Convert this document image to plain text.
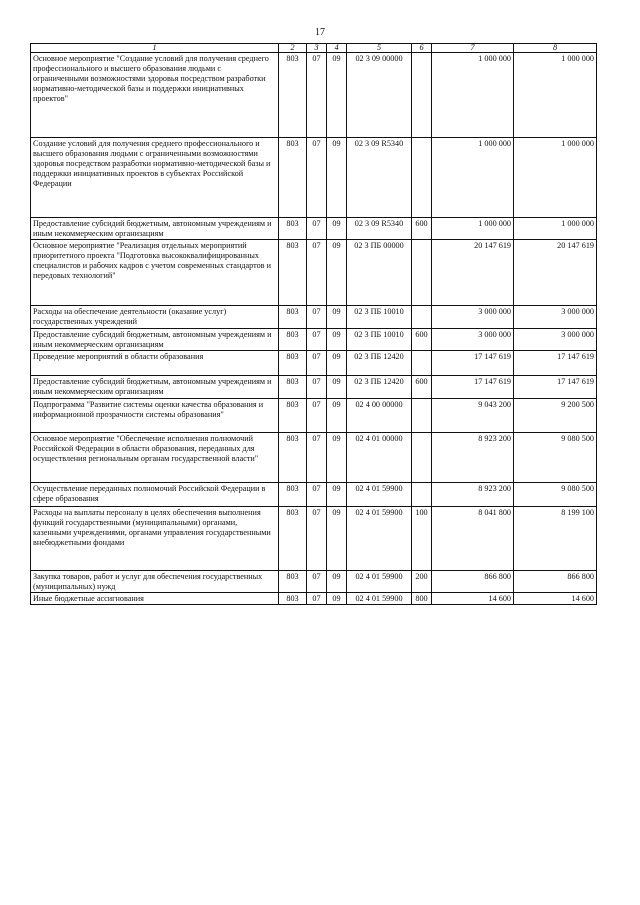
17
1	2	3	4	5	6	7	8
Основное мероприятие "Создание условий для получения среднего профессионального и высшего образования людьми с ограниченными возможностями здоровья посредством разработки нормативно-методической базы и поддержки инициативных проектов"	803	07	09	02 3 09 00000		1 000 000	1 000 000
Создание условий для получения среднего профессионального и высшего образования людьми с ограниченными возможностями здоровья посредством разработки нормативно-методической базы и поддержки инициативных проектов в субъектах Российской Федерации	803	07	09	02 3 09 R5340		1 000 000	1 000 000
Предоставление субсидий бюджетным, автономным учреждениям и иным некоммерческим организациям	803	07	09	02 3 09 R5340	600	1 000 000	1 000 000
Основное мероприятие "Реализация отдельных мероприятий приоритетного проекта "Подготовка высококвалифицированных специалистов и рабочих кадров с учетом современных стандартов и передовых технологий"	803	07	09	02 3 ПБ 00000		20 147 619	20 147 619
Расходы на обеспечение деятельности (оказание услуг) государственных учреждений	803	07	09	02 3 ПБ 10010		3 000 000	3 000 000
Предоставление субсидий бюджетным, автономным учреждениям и иным некоммерческим организациям	803	07	09	02 3 ПБ 10010	600	3 000 000	3 000 000
Проведение мероприятий в области образования	803	07	09	02 3 ПБ 12420		17 147 619	17 147 619
Предоставление субсидий бюджетным, автономным учреждениям и иным некоммерческим организациям	803	07	09	02 3 ПБ 12420	600	17 147 619	17 147 619
Подпрограмма "Развитие системы оценки качества образования и информационной прозрачности системы образования"	803	07	09	02 4 00 00000		9 043 200	9 200 500
Основное мероприятие "Обеспечение исполнения полномочий Российской Федерации в области образования, переданных для осуществления региональным органам государственной власти"	803	07	09	02 4 01 00000		8 923 200	9 080 500
Осуществление переданных полномочий Российской Федерации в сфере образования	803	07	09	02 4 01 59900		8 923 200	9 080 500
Расходы на выплаты персоналу в целях обеспечения выполнения функций государственными (муниципальными) органами, казенными учреждениями, органами управления государственными внебюджетными фондами	803	07	09	02 4 01 59900	100	8 041 800	8 199 100
Закупка товаров, работ и услуг для обеспечения государственных (муниципальных) нужд	803	07	09	02 4 01 59900	200	866 800	866 800
Иные бюджетные ассигнования	803	07	09	02 4 01 59900	800	14 600	14 600
